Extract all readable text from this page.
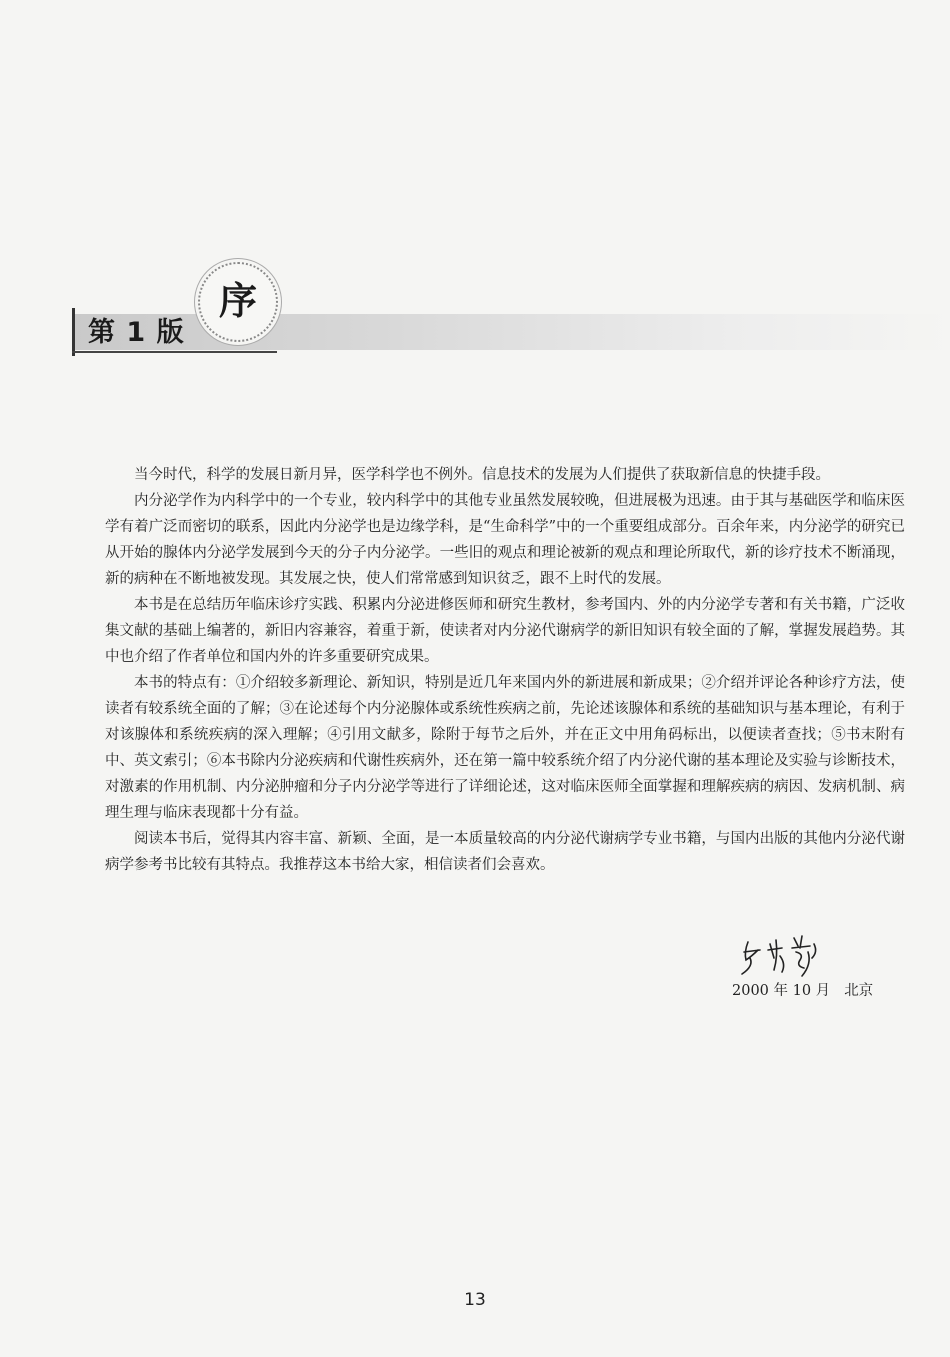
第 1 版
序

当今时代，科学的发展日新月异，医学科学也不例外。信息技术的发展为人们提供了获取新信息的快捷手段。

内分泌学作为内科学中的一个专业，较内科学中的其他专业虽然发展较晚，但进展极为迅速。由于其与基础医学和临床医学有着广泛而密切的联系，因此内分泌学也是边缘学科，是“生命科学”中的一个重要组成部分。百余年来，内分泌学的研究已从开始的腺体内分泌学发展到今天的分子内分泌学。一些旧的观点和理论被新的观点和理论所取代，新的诊疗技术不断涌现，新的病种在不断地被发现。其发展之快，使人们常常感到知识贫乏，跟不上时代的发展。

本书是在总结历年临床诊疗实践、积累内分泌进修医师和研究生教材，参考国内、外的内分泌学专著和有关书籍，广泛收集文献的基础上编著的，新旧内容兼容，着重于新，使读者对内分泌代谢病学的新旧知识有较全面的了解，掌握发展趋势。其中也介绍了作者单位和国内外的许多重要研究成果。

本书的特点有：①介绍较多新理论、新知识，特别是近几年来国内外的新进展和新成果；②介绍并评论各种诊疗方法，使读者有较系统全面的了解；③在论述每个内分泌腺体或系统性疾病之前，先论述该腺体和系统的基础知识与基本理论，有利于对该腺体和系统疾病的深入理解；④引用文献多，除附于每节之后外，并在正文中用角码标出，以便读者查找；⑤书末附有中、英文索引；⑥本书除内分泌疾病和代谢性疾病外，还在第一篇中较系统介绍了内分泌代谢的基本理论及实验与诊断技术，对激素的作用机制、内分泌肿瘤和分子内分泌学等进行了详细论述，这对临床医师全面掌握和理解疾病的病因、发病机制、病理生理与临床表现都十分有益。

阅读本书后，觉得其内容丰富、新颖、全面，是一本质量较高的内分泌代谢病学专业书籍，与国内出版的其他内分泌代谢病学参考书比较有其特点。我推荐这本书给大家，相信读者们会喜欢。

2000 年 10 月 北京
13
